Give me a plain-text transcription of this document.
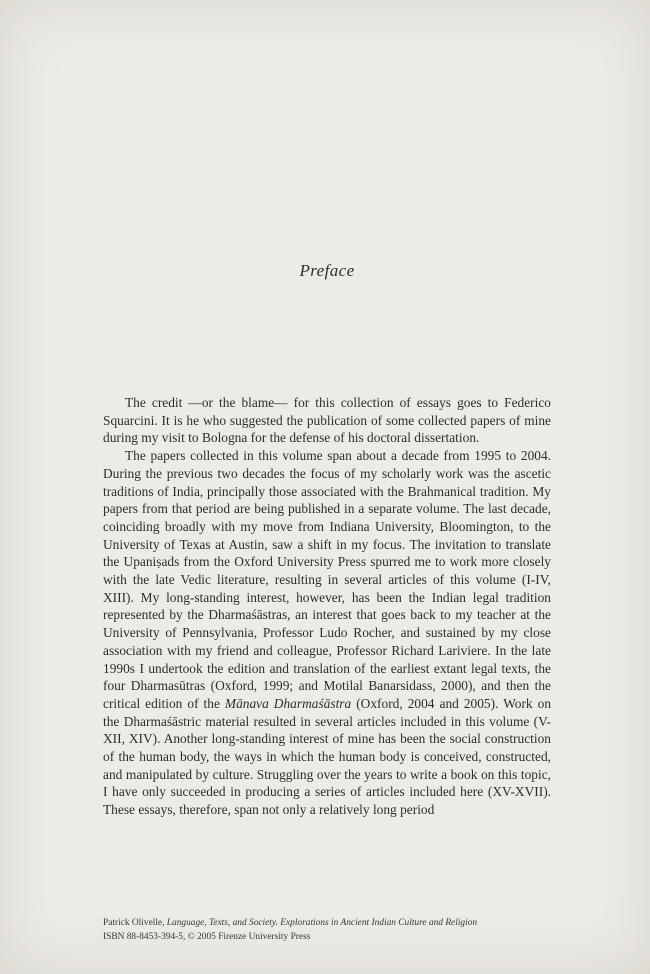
Preface

The credit —or the blame— for this collection of essays goes to Federico Squarcini. It is he who suggested the publication of some collected papers of mine during my visit to Bologna for the defense of his doctoral dissertation.

The papers collected in this volume span about a decade from 1995 to 2004. During the previous two decades the focus of my scholarly work was the ascetic traditions of India, principally those associated with the Brahmanical tradition. My papers from that period are being published in a separate volume. The last decade, coinciding broadly with my move from Indiana University, Bloomington, to the University of Texas at Austin, saw a shift in my focus. The invitation to translate the Upaniṣads from the Oxford University Press spurred me to work more closely with the late Vedic literature, resulting in several articles of this volume (I-IV, XIII). My long-standing interest, however, has been the Indian legal tradition represented by the Dharmaśāstras, an interest that goes back to my teacher at the University of Pennsylvania, Professor Ludo Rocher, and sustained by my close association with my friend and colleague, Professor Richard Lariviere. In the late 1990s I undertook the edition and translation of the earliest extant legal texts, the four Dharmasūtras (Oxford, 1999; and Motilal Banarsidass, 2000), and then the critical edition of the Mānava Dharmaśāstra (Oxford, 2004 and 2005). Work on the Dharmaśāstric material resulted in several articles included in this volume (V-XII, XIV). Another long-standing interest of mine has been the social construction of the human body, the ways in which the human body is conceived, constructed, and manipulated by culture. Struggling over the years to write a book on this topic, I have only succeeded in producing a series of articles included here (XV-XVII). These essays, therefore, span not only a relatively long period

Patrick Olivelle, Language, Texts, and Society. Explorations in Ancient Indian Culture and Religion
ISBN 88-8453-394-5, © 2005 Firenze University Press
